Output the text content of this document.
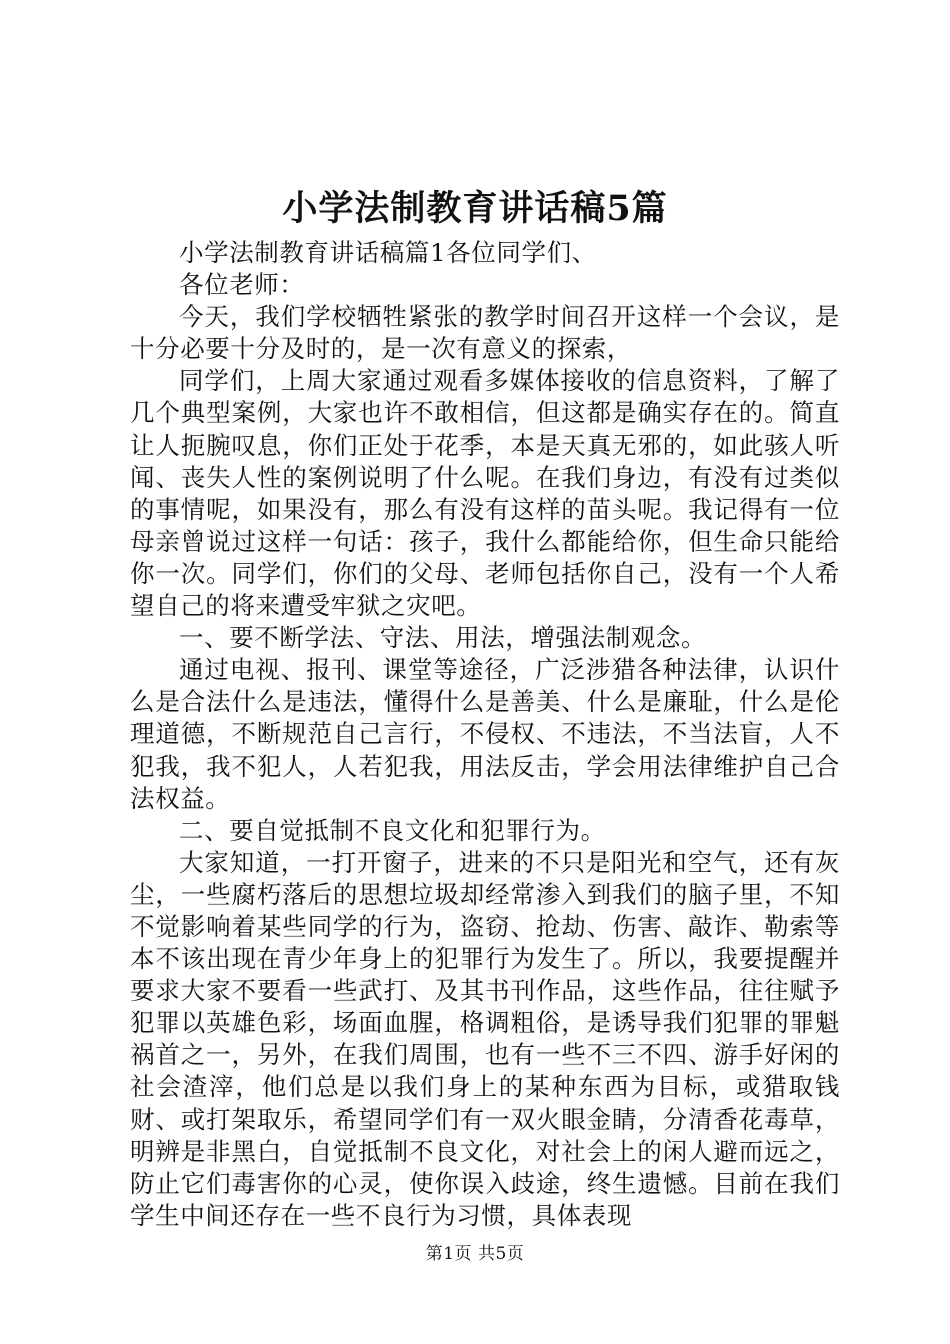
小学法制教育讲话稿5篇

小学法制教育讲话稿篇1各位同学们、

各位老师：

今天，我们学校牺牲紧张的教学时间召开这样一个会议，是十分必要十分及时的，是一次有意义的探索，

同学们，上周大家通过观看多媒体接收的信息资料，了解了几个典型案例，大家也许不敢相信，但这都是确实存在的。简直让人扼腕叹息，你们正处于花季，本是天真无邪的，如此骇人听闻、丧失人性的案例说明了什么呢。在我们身边，有没有过类似的事情呢，如果没有，那么有没有这样的苗头呢。我记得有一位母亲曾说过这样一句话：孩子，我什么都能给你，但生命只能给你一次。同学们，你们的父母、老师包括你自己，没有一个人希望自己的将来遭受牢狱之灾吧。

一、要不断学法、守法、用法，增强法制观念。

通过电视、报刊、课堂等途径，广泛涉猎各种法律，认识什么是合法什么是违法，懂得什么是善美、什么是廉耻，什么是伦理道德，不断规范自己言行，不侵权、不违法，不当法盲，人不犯我，我不犯人，人若犯我，用法反击，学会用法律维护自己合法权益。

二、要自觉抵制不良文化和犯罪行为。

大家知道，一打开窗子，进来的不只是阳光和空气，还有灰尘，一些腐朽落后的思想垃圾却经常渗入到我们的脑子里，不知不觉影响着某些同学的行为，盗窃、抢劫、伤害、敲诈、勒索等本不该出现在青少年身上的犯罪行为发生了。所以，我要提醒并要求大家不要看一些武打、及其书刊作品，这些作品，往往赋予犯罪以英雄色彩，场面血腥，格调粗俗，是诱导我们犯罪的罪魁祸首之一，另外，在我们周围，也有一些不三不四、游手好闲的社会渣滓，他们总是以我们身上的某种东西为目标，或猎取钱财、或打架取乐，希望同学们有一双火眼金睛，分清香花毒草，明辨是非黑白，自觉抵制不良文化，对社会上的闲人避而远之，防止它们毒害你的心灵，使你误入歧途，终生遗憾。目前在我们学生中间还存在一些不良行为习惯，具体表现

第1页 共5页
